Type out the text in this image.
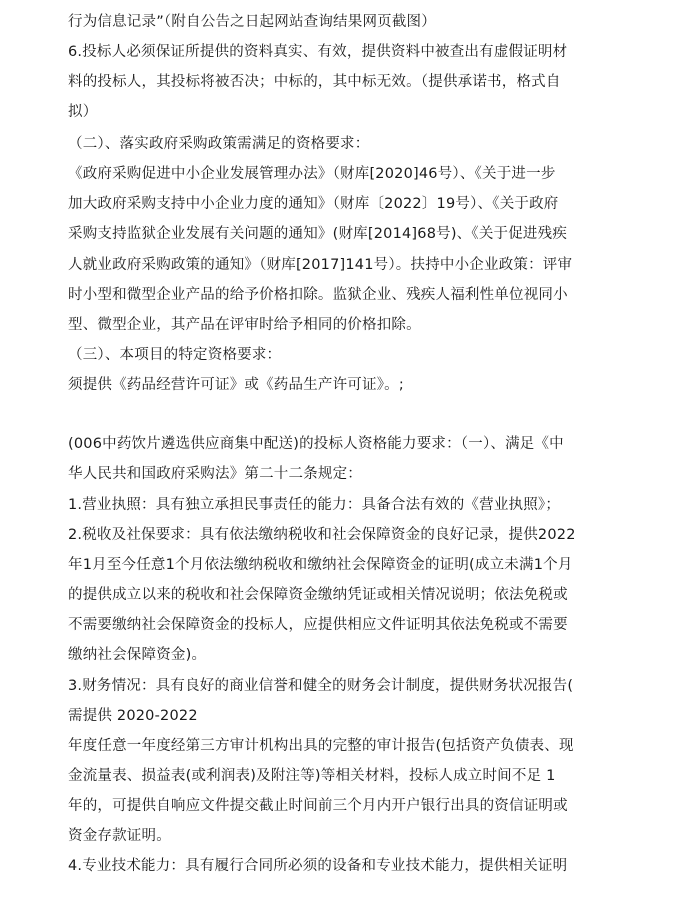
行为信息记录”（附自公告之日起网站查询结果网页截图）
6.投标人必须保证所提供的资料真实、有效，提供资料中被查出有虚假证明材
料的投标人，其投标将被否决；中标的，其中标无效。（提供承诺书，格式自
拟）
（二）、落实政府采购政策需满足的资格要求：
《政府采购促进中小企业发展管理办法》（财库[2020]46号）、《关于进一步
加大政府采购支持中小企业力度的通知》（财库〔2022〕19号）、《关于政府
采购支持监狱企业发展有关问题的通知》(财库[2014]68号)、《关于促进残疾
人就业政府采购政策的通知》（财库[2017]141号）。扶持中小企业政策：评审
时小型和微型企业产品的给予价格扣除。监狱企业、残疾人福利性单位视同小
型、微型企业，其产品在评审时给予相同的价格扣除。
（三）、本项目的特定资格要求：
须提供《药品经营许可证》或《药品生产许可证》。;
(006中药饮片遴选供应商集中配送)的投标人资格能力要求：（一）、满足《中
华人民共和国政府采购法》第二十二条规定：
1.营业执照：具有独立承担民事责任的能力：具备合法有效的《营业执照》；
2.税收及社保要求：具有依法缴纳税收和社会保障资金的良好记录，提供2022
年1月至今任意1个月依法缴纳税收和缴纳社会保障资金的证明(成立未满1个月
的提供成立以来的税收和社会保障资金缴纳凭证或相关情况说明；依法免税或
不需要缴纳社会保障资金的投标人，应提供相应文件证明其依法免税或不需要
缴纳社会保障资金)。
3.财务情况：具有良好的商业信誉和健全的财务会计制度，提供财务状况报告(
需提供 2020-2022
年度任意一年度经第三方审计机构出具的完整的审计报告(包括资产负债表、现
金流量表、损益表(或利润表)及附注等)等相关材料，投标人成立时间不足 1
年的，可提供自响应文件提交截止时间前三个月内开户银行出具的资信证明或
资金存款证明。
4.专业技术能力：具有履行合同所必须的设备和专业技术能力，提供相关证明
